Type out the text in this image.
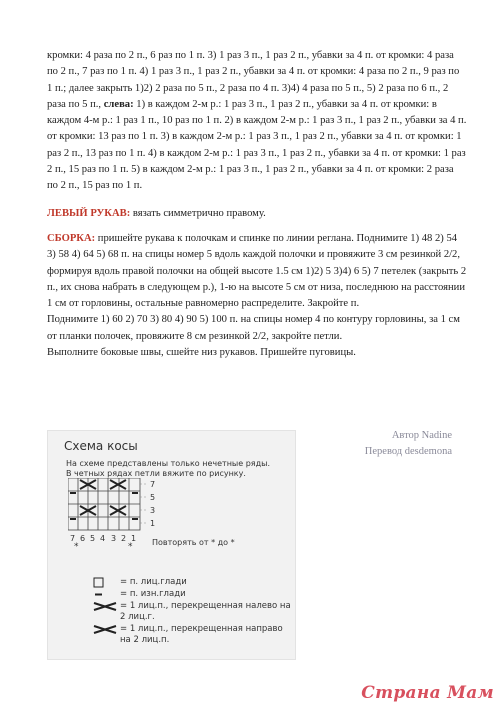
кромки: 4 раза по 2 п., 6 раз по 1 п. 3) 1 раз 3 п., 1 раз 2 п., убавки за 4 п. от кромки: 4 раза по 2 п., 7 раз по 1 п. 4) 1 раз 3 п., 1 раз 2 п., убавки за 4 п. от кромки: 4 раза по 2 п., 9 раз по 1 п.; далее закрыть 1)2) 2 раза по 5 п., 2 раза по 4 п. 3)4) 4 раза по 5 п., 5) 2 раза по 6 п., 2 раза по 5 п., слева: 1) в каждом 2-м р.: 1 раз 3 п., 1 раз 2 п., убавки за 4 п. от кромки: в каждом 4-м р.: 1 раз 1 п., 10 раз по 1 п. 2) в каждом 2-м р.: 1 раз 3 п., 1 раз 2 п., убавки за 4 п. от кромки: 13 раз по 1 п. 3) в каждом 2-м р.: 1 раз 3 п., 1 раз 2 п., убавки за 4 п. от кромки: 1 раз 2 п., 13 раз по 1 п. 4) в каждом 2-м р.: 1 раз 3 п., 1 раз 2 п., убавки за 4 п. от кромки: 1 раз 2 п., 15 раз по 1 п. 5) в каждом 2-м р.: 1 раз 3 п., 1 раз 2 п., убавки за 4 п. от кромки: 2 раза по 2 п., 15 раз по 1 п.

ЛЕВЫЙ РУКАВ: вязать симметрично правому.

СБОРКА: пришейте рукава к полочкам и спинке по линии реглана. Поднимите 1) 48 2) 54 3) 58 4) 64 5) 68 п. на спицы номер 5 вдоль каждой полочки и провяжите 3 см резинкой 2/2, формируя вдоль правой полочки на общей высоте 1.5 см 1)2) 5 3)4) 6 5) 7 петелек (закрыть 2 п., их снова набрать в следующем р.), 1-ю на высоте 5 см от низа, последнюю на расстоянии 1 см от горловины, остальные равномерно распределите. Закройте п.

Поднимите 1) 60 2) 70 3) 80 4) 90 5) 100 п. на спицы номер 4 по контуру горловины, за 1 см от планки полочек, провяжите 8 см резинкой 2/2, закройте петли.

Выполните боковые швы, сшейте низ рукавов. Пришейте пуговицы.

Автор Nadine
Перевод desdemona
Схема косы
На схеме представлены только нечетные ряды.
В четных рядах петли вяжите по рисунку.
7
5
3
1
7 6 5 4 3 2 1
*	* Повторять от * до *
= п. лиц.глади
= п. изн.глади
= 1 лиц.п., перекрещенная налево на 2 лиц.г.
= 1 лиц.п., перекрещенная направо на 2 лиц.п.
Страна Мам
